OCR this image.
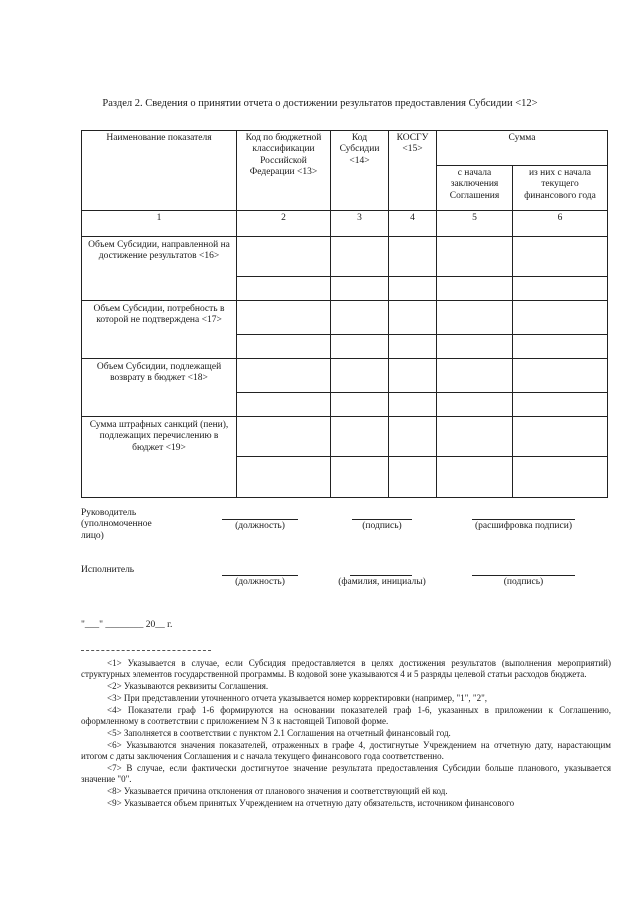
Раздел 2. Сведения о принятии отчета о достижении результатов предоставления Субсидии <12>
Наименование показателя	Код по бюджетной классификации Российской Федерации <13>	Код Субсидии <14>	КОСГУ <15>	Сумма	
				с начала заключения Соглашения	из них с начала текущего финансового года
1	2	3	4	5	6
Объем Субсидии, направленной на достижение результатов <16>					

Объем Субсидии, потребность в которой не подтверждена <17>					

Объем Субсидии, подлежащей возврату в бюджет <18>					

Сумма штрафных санкций (пени), подлежащих перечислению в бюджет <19>					

Руководитель (уполномоченное лицо)
(должность)	(подпись)	(расшифровка подписи)
Исполнитель
(должность)	(фамилия, инициалы)	(подпись)
"___" ________ 20__ г.

<1> Указывается в случае, если Субсидия предоставляется в целях достижения результатов (выполнения мероприятий) структурных элементов государственной программы. В кодовой зоне указываются 4 и 5 разряды целевой статьи расходов бюджета.

<2> Указываются реквизиты Соглашения.

<3> При представлении уточненного отчета указывается номер корректировки (например, "1", "2",

<4> Показатели граф 1-6 формируются на основании показателей граф 1-6, указанных в приложении к Соглашению, оформленному в соответствии с приложением N 3 к настоящей Типовой форме.

<5> Заполняется в соответствии с пунктом 2.1 Соглашения на отчетный финансовый год.

<6> Указываются значения показателей, отраженных в графе 4, достигнутые Учреждением на отчетную дату, нарастающим итогом с даты заключения Соглашения и с начала текущего финансового года соответственно.

<7> В случае, если фактически достигнутое значение результата предоставления Субсидии больше планового, указывается значение "0".

<8> Указывается причина отклонения от планового значения и соответствующий ей код.

<9> Указывается объем принятых Учреждением на отчетную дату обязательств, источником финансового
